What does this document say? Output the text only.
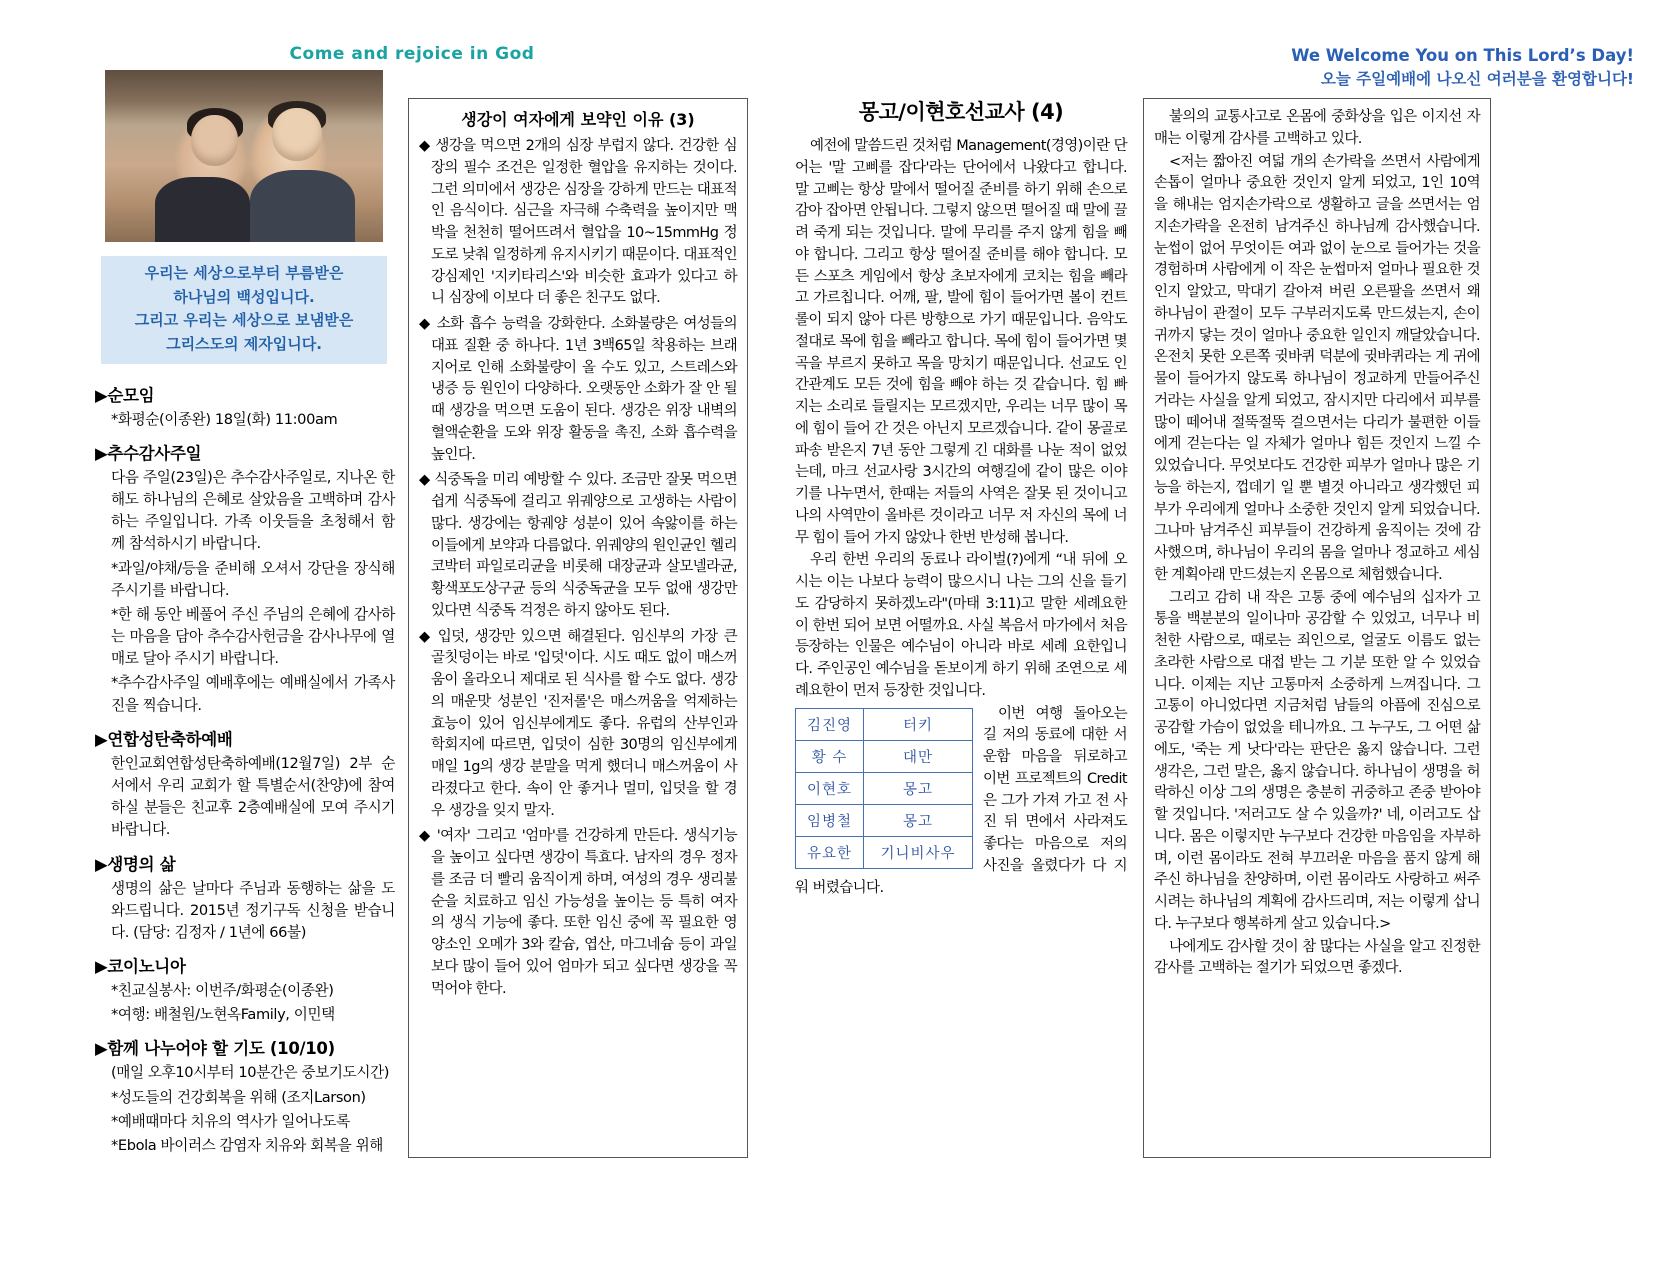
Come and rejoice in God	We Welcome You on This Lord’s Day!
오늘 주일예배에 나오신 여러분을 환영합니다!
우리는 세상으로부터 부름받은
하나님의 백성입니다.
그리고 우리는 세상으로 보냄받은
그리스도의 제자입니다.
▶순모임

*화평순(이종완) 18일(화) 11:00am

▶추수감사주일

다음 주일(23일)은 추수감사주일로, 지나온 한 해도 하나님의 은혜로 살았음을 고백하며 감사하는 주일입니다. 가족 이웃들을 초청해서 함께 참석하시기 바랍니다.

*과일/야채/등을 준비해 오셔서 강단을 장식해 주시기를 바랍니다.

*한 해 동안 베풀어 주신 주님의 은혜에 감사하는 마음을 담아 추수감사헌금을 감사나무에 열매로 달아 주시기 바랍니다.

*추수감사주일 예배후에는 예배실에서 가족사진을 찍습니다.

▶연합성탄축하예배

한인교회연합성탄축하예배(12월7일) 2부 순서에서 우리 교회가 할 특별순서(찬양)에 참여하실 분들은 친교후 2층예배실에 모여 주시기 바랍니다.

▶생명의 삶

생명의 삶은 날마다 주님과 동행하는 삶을 도와드립니다. 2015년 정기구독 신청을 받습니다. (담당: 김정자 / 1년에 66불)

▶코이노니아

*친교실봉사: 이번주/화평순(이종완)

*여행: 배철원/노현옥Family, 이민택

▶함께 나누어야 할 기도 (10/10)

(매일 오후10시부터 10분간은 중보기도시간)

*성도들의 건강회복을 위해 (조지Larson)

*예배때마다 치유의 역사가 일어나도록

*Ebola 바이러스 감염자 치유와 회복을 위해

생강이 여자에게 보약인 이유 (3)

◆ 생강을 먹으면 2개의 심장 부럽지 않다. 건강한 심장의 필수 조건은 일정한 혈압을 유지하는 것이다. 그런 의미에서 생강은 심장을 강하게 만드는 대표적인 음식이다. 심근을 자극해 수축력을 높이지만 맥박을 천천히 떨어뜨려서 혈압을 10~15mmHg 정도로 낮춰 일정하게 유지시키기 때문이다. 대표적인 강심제인 '지키타리스'와 비슷한 효과가 있다고 하니 심장에 이보다 더 좋은 친구도 없다.

◆ 소화 흡수 능력을 강화한다. 소화불량은 여성들의 대표 질환 중 하나다. 1년 3백65일 착용하는 브래지어로 인해 소화불량이 올 수도 있고, 스트레스와 냉증 등 원인이 다양하다. 오랫동안 소화가 잘 안 될 때 생강을 먹으면 도움이 된다. 생강은 위장 내벽의 혈액순환을 도와 위장 활동을 촉진, 소화 흡수력을 높인다.

◆ 식중독을 미리 예방할 수 있다. 조금만 잘못 먹으면 쉽게 식중독에 걸리고 위궤양으로 고생하는 사람이 많다. 생강에는 항궤양 성분이 있어 속앓이를 하는 이들에게 보약과 다름없다. 위궤양의 원인균인 헬리코박터 파일로리균을 비롯해 대장균과 살모넬라균, 황색포도상구균 등의 식중독균을 모두 없애 생강만 있다면 식중독 걱정은 하지 않아도 된다.

◆ 입덧, 생강만 있으면 해결된다. 임신부의 가장 큰 골칫덩이는 바로 '입덧'이다. 시도 때도 없이 매스꺼움이 올라오니 제대로 된 식사를 할 수도 없다. 생강의 매운맛 성분인 '진저롤'은 매스꺼움을 억제하는 효능이 있어 임신부에게도 좋다. 유럽의 산부인과 학회지에 따르면, 입덧이 심한 30명의 임신부에게 매일 1g의 생강 분말을 먹게 했더니 매스꺼움이 사라졌다고 한다. 속이 안 좋거나 멀미, 입덧을 할 경우 생강을 잊지 말자.

◆ '여자' 그리고 '엄마'를 건강하게 만든다. 생식기능을 높이고 싶다면 생강이 특효다. 남자의 경우 정자를 조금 더 빨리 움직이게 하며, 여성의 경우 생리불순을 치료하고 임신 가능성을 높이는 등 특히 여자의 생식 기능에 좋다. 또한 임신 중에 꼭 필요한 영양소인 오메가 3와 칼슘, 엽산, 마그네슘 등이 과일보다 많이 들어 있어 엄마가 되고 싶다면 생강을 꼭 먹어야 한다.

몽고/이현호선교사 (4)

예전에 말씀드린 것처럼 Management(경영)이란 단어는 '말 고삐를 잡다'라는 단어에서 나왔다고 합니다. 말 고삐는 항상 말에서 떨어질 준비를 하기 위해 손으로 감아 잡아면 안됩니다. 그렇지 않으면 떨어질 때 말에 끌려 죽게 되는 것입니다. 말에 무리를 주지 않게 힘을 빼야 합니다. 그리고 항상 떨어질 준비를 해야 합니다. 모든 스포츠 게임에서 항상 초보자에게 코치는 힘을 빼라고 가르칩니다. 어깨, 팔, 발에 힘이 들어가면 볼이 컨트롤이 되지 않아 다른 방향으로 가기 때문입니다. 음악도 절대로 목에 힘을 빼라고 합니다. 목에 힘이 들어가면 몇 곡을 부르지 못하고 목을 망치기 때문입니다. 선교도 인간관계도 모든 것에 힘을 빼야 하는 것 같습니다. 힘 빠지는 소리로 들릴지는 모르겠지만, 우리는 너무 많이 목에 힘이 들어 간 것은 아닌지 모르겠습니다. 같이 몽골로 파송 받은지 7년 동안 그렇게 긴 대화를 나눈 적이 없었는데, 마크 선교사랑 3시간의 여행길에 같이 많은 이야기를 나누면서, 한때는 저들의 사역은 잘못 된 것이니고 나의 사역만이 올바른 것이라고 너무 저 자신의 목에 너무 힘이 들어 가지 않았나 한번 반성해 봅니다.

우리 한번 우리의 동료나 라이벌(?)에게 “내 뒤에 오시는 이는 나보다 능력이 많으시니 나는 그의 신을 들기도 감당하지 못하겠노라"(마태 3:11)고 말한 세례요한이 한번 되어 보면 어떨까요. 사실 복음서 마가에서 처음 등장하는 인물은 예수님이 아니라 바로 세례 요한입니다. 주인공인 예수님을 돋보이게 하기 위해 조연으로 세례요한이 먼저 등장한 것입니다.

김진영	터키
황 수	대만
이현호	몽고
임병철	몽고
유요한	기니비사우

이번 여행 돌아오는 길 저의 동료에 대한 서운함 마음을 뒤로하고 이번 프로젝트의 Credit은 그가 가져 가고 전 사진 뒤 면에서 사라져도 좋다는 마음으로 저의 사진을 올렸다가 다 지워 버렸습니다.

불의의 교통사고로 온몸에 중화상을 입은 이지선 자매는 이렇게 감사를 고백하고 있다.

<저는 짧아진 여덟 개의 손가락을 쓰면서 사람에게 손톱이 얼마나 중요한 것인지 알게 되었고, 1인 10역을 해내는 엄지손가락으로 생활하고 글을 쓰면서는 엄지손가락을 온전히 남겨주신 하나님께 감사했습니다. 눈썹이 없어 무엇이든 여과 없이 눈으로 들어가는 것을 경험하며 사람에게 이 작은 눈썹마저 얼마나 필요한 것인지 알았고, 막대기 갈아져 버린 오른팔을 쓰면서 왜 하나님이 관절이 모두 구부러지도록 만드셨는지, 손이 귀까지 닿는 것이 얼마나 중요한 일인지 깨달았습니다. 온전치 못한 오른쪽 귓바퀴 덕분에 귓바퀴라는 게 귀에 물이 들어가지 않도록 하나님이 정교하게 만들어주신 거라는 사실을 알게 되었고, 잠시지만 다리에서 피부를 많이 떼어내 절뚝절뚝 걸으면서는 다리가 불편한 이들에게 걷는다는 일 자체가 얼마나 힘든 것인지 느낄 수 있었습니다. 무엇보다도 건강한 피부가 얼마나 많은 기능을 하는지, 껍데기 일 뿐 별것 아니라고 생각했던 피부가 우리에게 얼마나 소중한 것인지 알게 되었습니다. 그나마 남겨주신 피부들이 건강하게 움직이는 것에 감사했으며, 하나님이 우리의 몸을 얼마나 정교하고 세심한 계획아래 만드셨는지 온몸으로 체험했습니다.

그리고 감히 내 작은 고통 중에 예수님의 십자가 고통을 백분분의 일이나마 공감할 수 있었고, 너무나 비천한 사람으로, 때로는 죄인으로, 얼굴도 이름도 없는 초라한 사람으로 대접 받는 그 기분 또한 알 수 있었습니다. 이제는 지난 고통마저 소중하게 느껴집니다. 그 고통이 아니었다면 지금처럼 남들의 아픔에 진심으로 공감할 가슴이 없었을 테니까요. 그 누구도, 그 어떤 삶에도, '죽는 게 낫다'라는 판단은 옳지 않습니다. 그런 생각은, 그런 말은, 옳지 않습니다. 하나님이 생명을 허락하신 이상 그의 생명은 충분히 귀중하고 존중 받아야 할 것입니다. '저러고도 살 수 있을까?' 네, 이러고도 삽니다. 몸은 이렇지만 누구보다 건강한 마음임을 자부하며, 이런 몸이라도 전혀 부끄러운 마음을 품지 않게 해주신 하나님을 찬양하며, 이런 몸이라도 사랑하고 써주시려는 하나님의 계획에 감사드리며, 저는 이렇게 삽니다. 누구보다 행복하게 살고 있습니다.>

나에게도 감사할 것이 참 많다는 사실을 알고 진정한 감사를 고백하는 절기가 되었으면 좋겠다.
